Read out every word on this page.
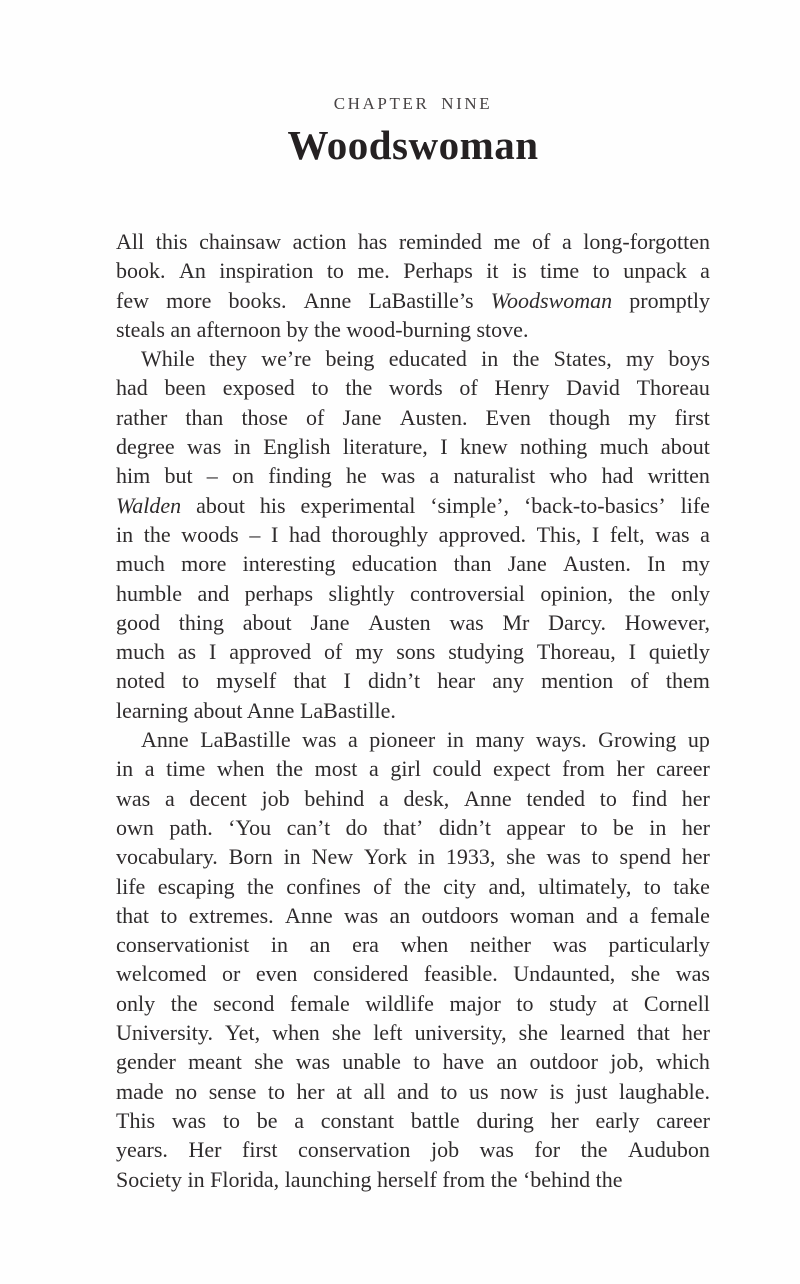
CHAPTER NINE
Woodswoman
All this chainsaw action has reminded me of a long-forgotten
book. An inspiration to me. Perhaps it is time to unpack a
few more books. Anne LaBastille’s Woodswoman promptly
steals an afternoon by the wood-burning stove.
While they we’re being educated in the States, my boys
had been exposed to the words of Henry David Thoreau
rather than those of Jane Austen. Even though my first
degree was in English literature, I knew nothing much about
him but – on finding he was a naturalist who had written
Walden about his experimental ‘simple’, ‘back-to-basics’ life
in the woods – I had thoroughly approved. This, I felt, was a
much more interesting education than Jane Austen. In my
humble and perhaps slightly controversial opinion, the only
good thing about Jane Austen was Mr Darcy. However,
much as I approved of my sons studying Thoreau, I quietly
noted to myself that I didn’t hear any mention of them
learning about Anne LaBastille.
Anne LaBastille was a pioneer in many ways. Growing up
in a time when the most a girl could expect from her career
was a decent job behind a desk, Anne tended to find her
own path. ‘You can’t do that’ didn’t appear to be in her
vocabulary. Born in New York in 1933, she was to spend her
life escaping the confines of the city and, ultimately, to take
that to extremes. Anne was an outdoors woman and a female
conservationist in an era when neither was particularly
welcomed or even considered feasible. Undaunted, she was
only the second female wildlife major to study at Cornell
University. Yet, when she left university, she learned that her
gender meant she was unable to have an outdoor job, which
made no sense to her at all and to us now is just laughable.
This was to be a constant battle during her early career
years. Her first conservation job was for the Audubon
Society in Florida, launching herself from the ‘behind the
